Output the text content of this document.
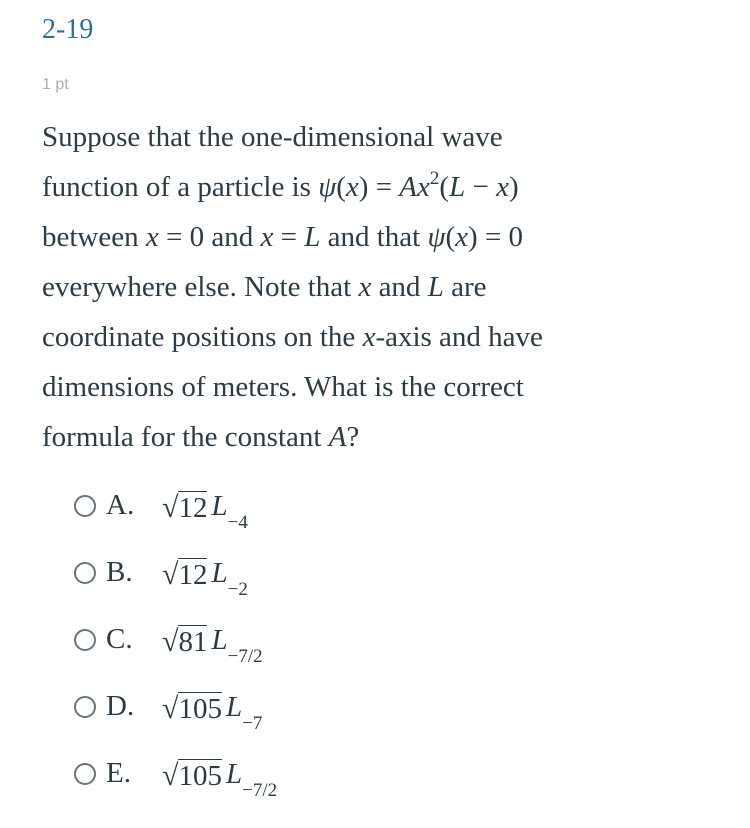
2-19
1 pt
Suppose that the one-dimensional wave
function of a particle is $\psi(x) = Ax^2(L - x)$
between x = 0 and x = L and that ψ(x) = 0
everywhere else. Note that x and L are
coordinate positions on the x-axis and have
dimensions of meters. What is the correct
formula for the constant A?
A. √ 12 L
−4
B. √ 12 L
−2
C. √ 81 L
−7/2
D. √ 105 L
−7
E.	√ 105 L
−7/2
